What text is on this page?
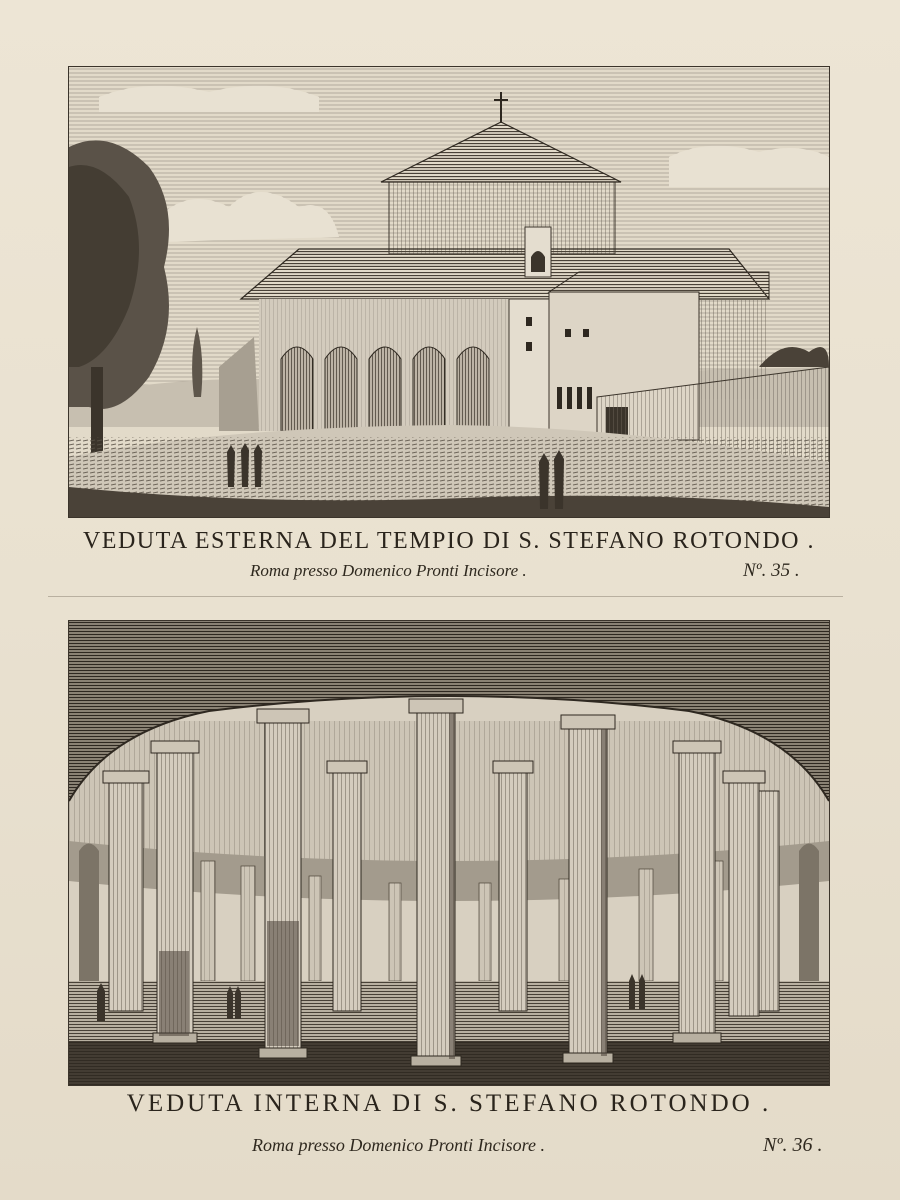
VEDUTA ESTERNA DEL TEMPIO DI S. STEFANO ROTONDO .
Roma presso Domenico Pronti Incisore .	Nº. 35 .
VEDUTA INTERNA DI S. STEFANO ROTONDO .
Roma presso Domenico Pronti Incisore .	Nº. 36 .
